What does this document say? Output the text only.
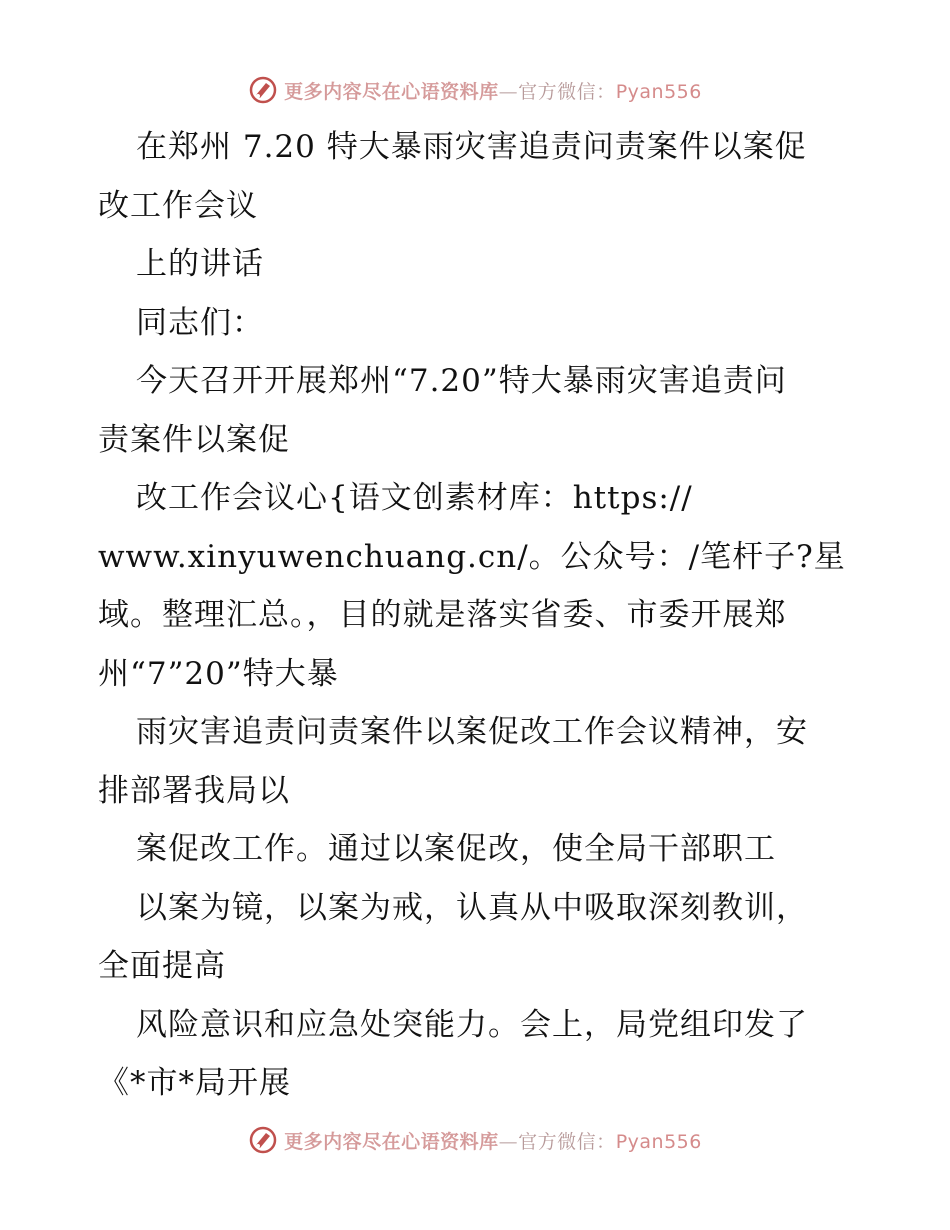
更多内容尽在心语资料库—官方微信：Pyan556
在郑州 7.20 特大暴雨灾害追责问责案件以案促
改工作会议
上的讲话
同志们：
今天召开开展郑州“7.20”特大暴雨灾害追责问
责案件以案促
改工作会议心{语文创素材库：https://
www.xinyuwenchuang.cn/。公众号：/笔杆子?星
域。整理汇总。，目的就是落实省委、市委开展郑
州“7”20”特大暴
雨灾害追责问责案件以案促改工作会议精神，安
排部署我局以
案促改工作。通过以案促改，使全局干部职工
以案为镜，以案为戒，认真从中吸取深刻教训，
全面提高
风险意识和应急处突能力。会上，局党组印发了
《*市*局开展
更多内容尽在心语资料库—官方微信：Pyan556
